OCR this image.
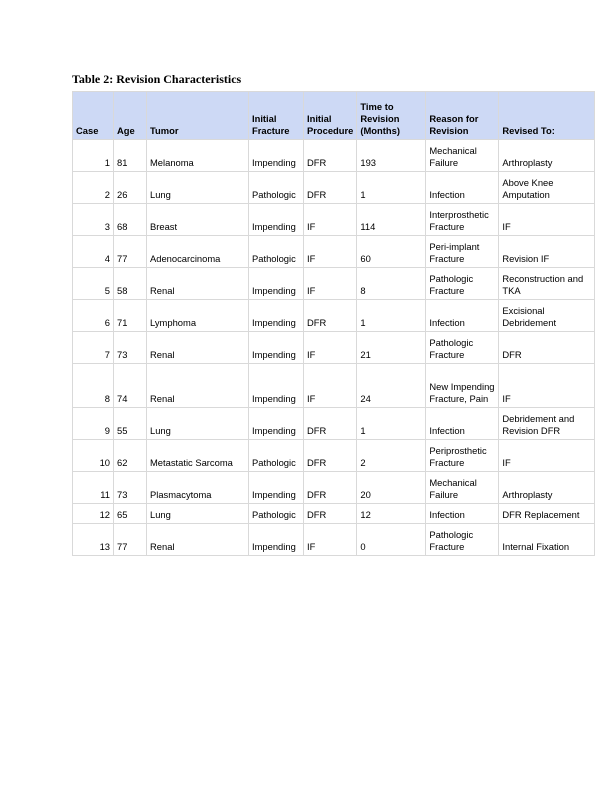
Table 2: Revision Characteristics
Case	Age	Tumor	Initial Fracture	Initial Procedure	Time to Revision (Months)	Reason for Revision	Revised To:
1	81	Melanoma	Impending	DFR	193	Mechanical Failure	Arthroplasty
2	26	Lung	Pathologic	DFR	1	Infection	Above Knee Amputation
3	68	Breast	Impending	IF	114	Interprosthetic Fracture	IF
4	77	Adenocarcinoma	Pathologic	IF	60	Peri-implant Fracture	Revision IF
5	58	Renal	Impending	IF	8	Pathologic Fracture	Reconstruction and TKA
6	71	Lymphoma	Impending	DFR	1	Infection	Excisional Debridement
7	73	Renal	Impending	IF	21	Pathologic Fracture	DFR
8	74	Renal	Impending	IF	24	New Impending Fracture, Pain	IF
9	55	Lung	Impending	DFR	1	Infection	Debridement and Revision DFR
10	62	Metastatic Sarcoma	Pathologic	DFR	2	Periprosthetic Fracture	IF
11	73	Plasmacytoma	Impending	DFR	20	Mechanical Failure	Arthroplasty
12	65	Lung	Pathologic	DFR	12	Infection	DFR Replacement
13	77	Renal	Impending	IF	0	Pathologic Fracture	Internal Fixation
